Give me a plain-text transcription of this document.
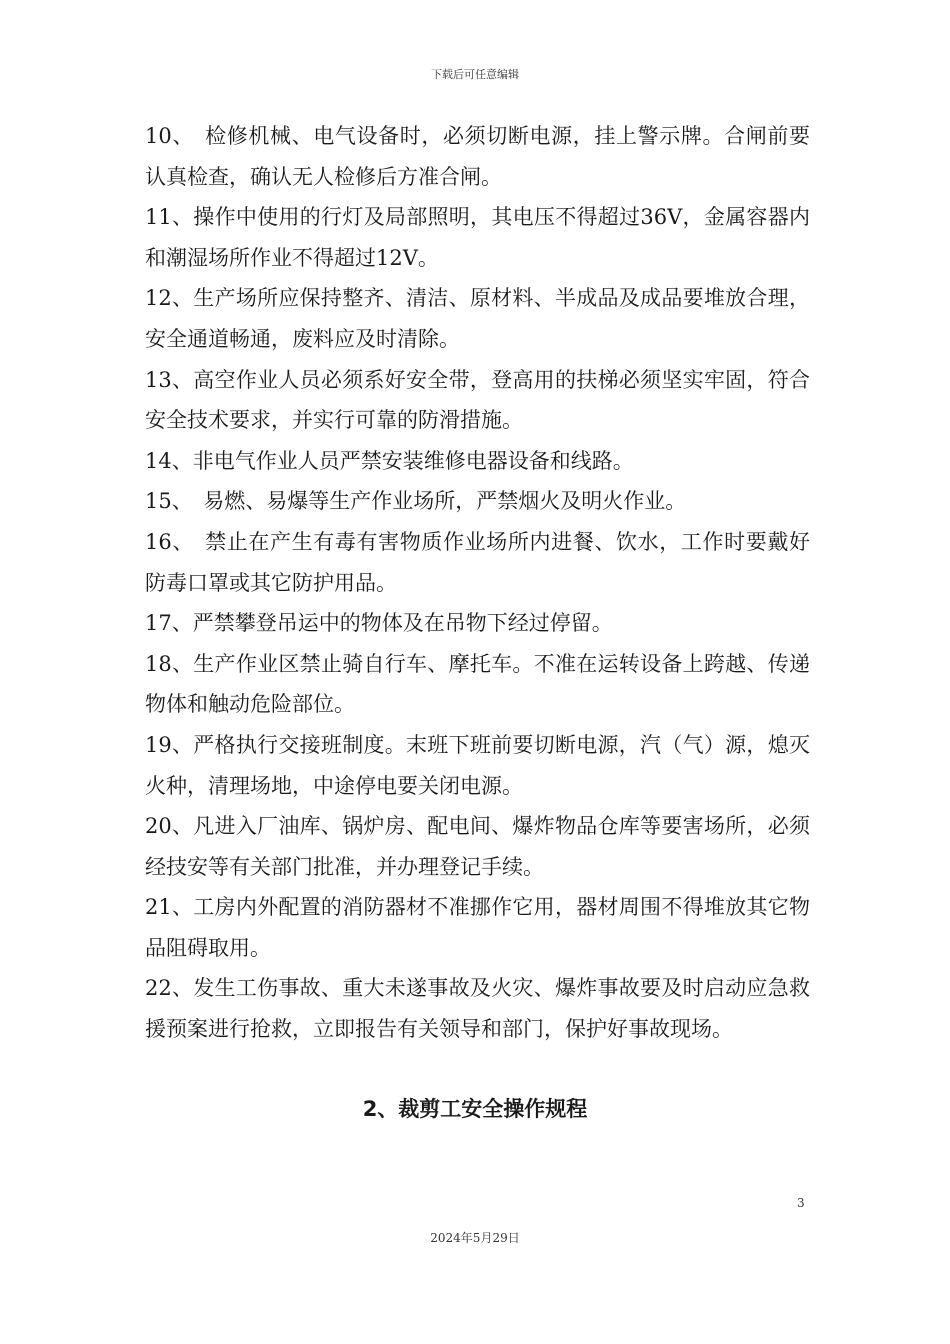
下载后可任意编辑

10、　检修机械、电气设备时，必须切断电源，挂上警示牌。合闸前要认真检查，确认无人检修后方准合闸。

11、操作中使用的行灯及局部照明，其电压不得超过36V，金属容器内和潮湿场所作业不得超过12V。

12、生产场所应保持整齐、清洁、原材料、半成品及成品要堆放合理，安全通道畅通，废料应及时清除。

13、高空作业人员必须系好安全带，登高用的扶梯必须坚实牢固，符合安全技术要求，并实行可靠的防滑措施。

14、非电气作业人员严禁安装维修电器设备和线路。

15、　易燃、易爆等生产作业场所，严禁烟火及明火作业。

16、　禁止在产生有毒有害物质作业场所内进餐、饮水，工作时要戴好防毒口罩或其它防护用品。

17、严禁攀登吊运中的物体及在吊物下经过停留。

18、生产作业区禁止骑自行车、摩托车。不准在运转设备上跨越、传递物体和触动危险部位。

19、严格执行交接班制度。末班下班前要切断电源，汽（气）源，熄灭火种，清理场地，中途停电要关闭电源。

20、凡进入厂油库、锅炉房、配电间、爆炸物品仓库等要害场所，必须经技安等有关部门批准，并办理登记手续。

21、工房内外配置的消防器材不准挪作它用，器材周围不得堆放其它物品阻碍取用。

22、发生工伤事故、重大未遂事故及火灾、爆炸事故要及时启动应急救援预案进行抢救，立即报告有关领导和部门，保护好事故现场。

2、裁剪工安全操作规程
3
2024年5月29日
